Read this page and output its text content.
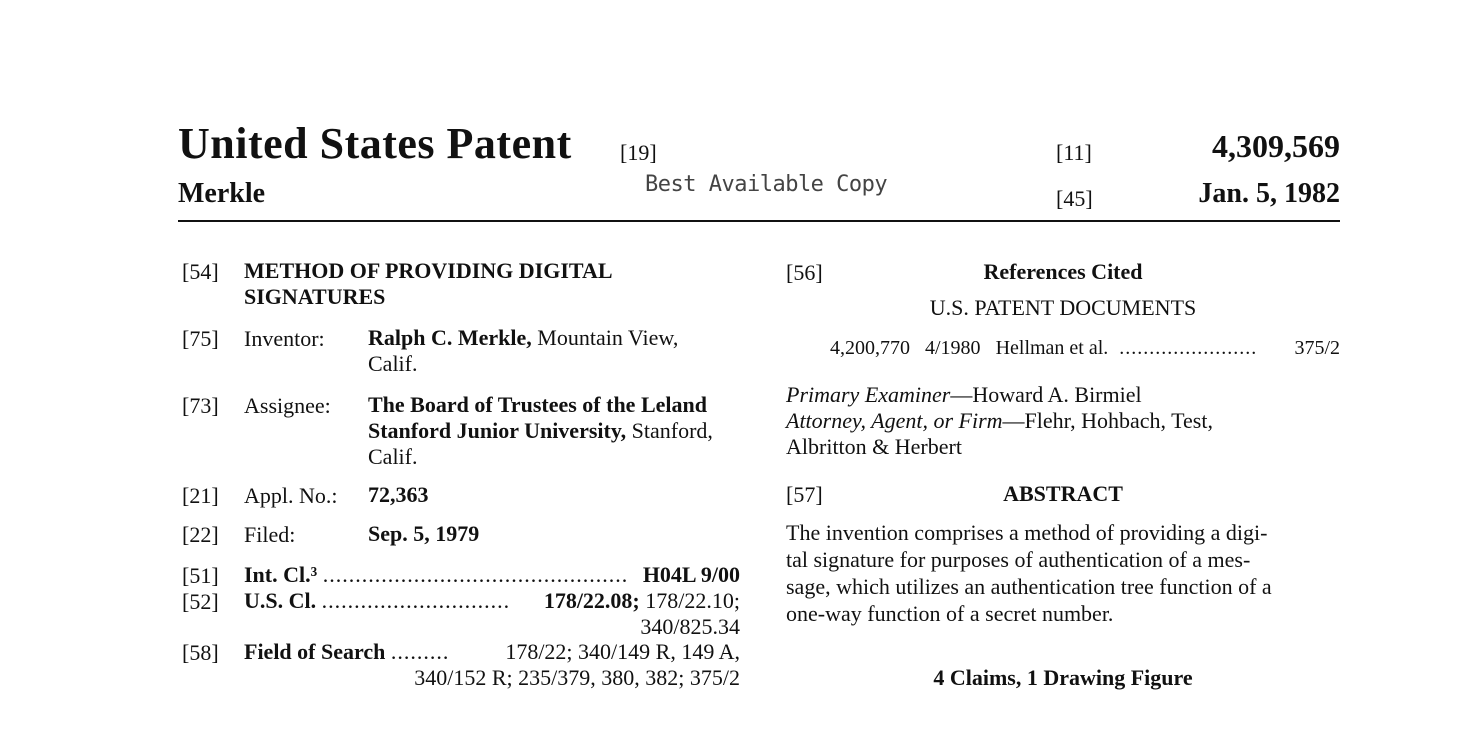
United States Patent [19]
Merkle	Best Available Copy
[11]	4,309,569
[45]	Jan. 5, 1982
[54] METHOD OF PROVIDING DIGITAL
SIGNATURES
[75] Inventor: Ralph C. Merkle, Mountain View,
Calif.
[73] Assignee: The Board of Trustees of the Leland
Stanford Junior University, Stanford,
Calif.
[21] Appl. No.: 72,363
[22] Filed:	Sep. 5, 1979
[51] Int. Cl.³ ............................................... H04L 9/00
[52] U.S. Cl. ............................. 178/22.08; 178/22.10;
340/825.34
[58] Field of Search .........	178/22; 340/149 R, 149 A,
340/152 R; 235/379, 380, 382; 375/2
[56]	References Cited
U.S. PATENT DOCUMENTS
4,200,770 4/1980 Hellman et al. ....................... 375/2
Primary Examiner—Howard A. Birmiel
Attorney, Agent, or Firm—Flehr, Hohbach, Test,
Albritton & Herbert
[57]	ABSTRACT
The invention comprises a method of providing a digi-
tal signature for purposes of authentication of a mes-
sage, which utilizes an authentication tree function of a
one-way function of a secret number.
4 Claims, 1 Drawing Figure
